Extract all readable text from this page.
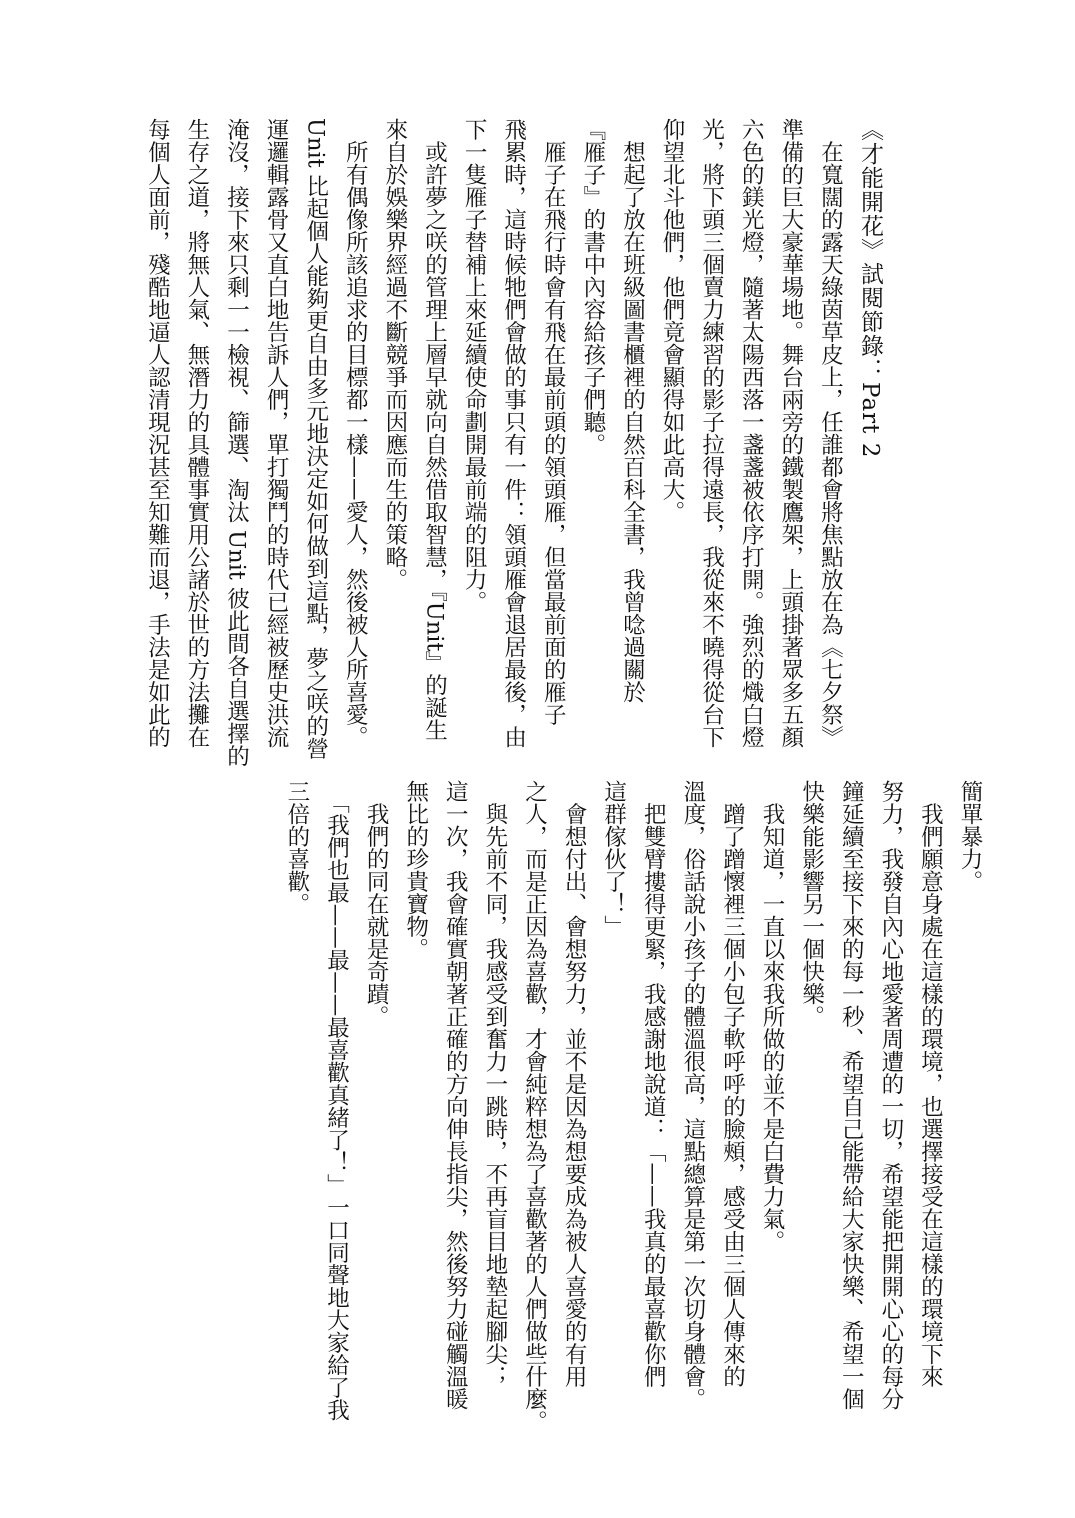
《才能開花》試閱節錄：Part 2
　在寬闊的露天綠茵草皮上，任誰都會將焦點放在為《七夕祭》
準備的巨大豪華場地。舞台兩旁的鐵製鷹架，上頭掛著眾多五顏
六色的鎂光燈，隨著太陽西落一盞盞被依序打開。強烈的熾白燈
光，將下頭三個賣力練習的影子拉得遠長，我從來不曉得從台下
仰望北斗他們，他們竟會顯得如此高大。
　想起了放在班級圖書櫃裡的自然百科全書，我曾唸過關於
『雁子』的書中內容給孩子們聽。
　雁子在飛行時會有飛在最前頭的領頭雁，但當最前面的雁子
飛累時，這時候牠們會做的事只有一件：領頭雁會退居最後，由
下一隻雁子替補上來延續使命劃開最前端的阻力。
　或許夢之咲的管理上層早就向自然借取智慧，『Unit』的誕生
來自於娛樂界經過不斷競爭而因應而生的策略。
　所有偶像所該追求的目標都一樣——愛人，然後被人所喜愛。
Unit 比起個人能夠更自由多元地決定如何做到這點，夢之咲的營
運邏輯露骨又直白地告訴人們，單打獨鬥的時代已經被歷史洪流
淹沒，接下來只剩一一檢視、篩選、淘汰 Unit 彼此間各自選擇的
生存之道，將無人氣、無潛力的具體事實用公諸於世的方法攤在
每個人面前，殘酷地逼人認清現況甚至知難而退，手法是如此的
簡單暴力。
　我們願意身處在這樣的環境，也選擇接受在這樣的環境下來
努力，我發自內心地愛著周遭的一切，希望能把開開心心的每分
鐘延續至接下來的每一秒、希望自己能帶給大家快樂、希望一個
快樂能影響另一個快樂。
　我知道，一直以來我所做的並不是白費力氣。
　蹭了蹭懷裡三個小包子軟呼呼的臉頰，感受由三個人傳來的
溫度，俗話說小孩子的體溫很高，這點總算是第一次切身體會。
　把雙臂摟得更緊，我感謝地說道：「——我真的最喜歡你們
這群傢伙了！」
　會想付出、會想努力，並不是因為想要成為被人喜愛的有用
之人，而是正因為喜歡，才會純粹想為了喜歡著的人們做些什麼。
　與先前不同，我感受到奮力一跳時，不再盲目地墊起腳尖；
這一次，我會確實朝著正確的方向伸長指尖，然後努力碰觸溫暖
無比的珍貴寶物。
　我們的同在就是奇蹟。
　「我們也最——最——最喜歡真緒了！」一口同聲地大家給了我
三倍的喜歡。
